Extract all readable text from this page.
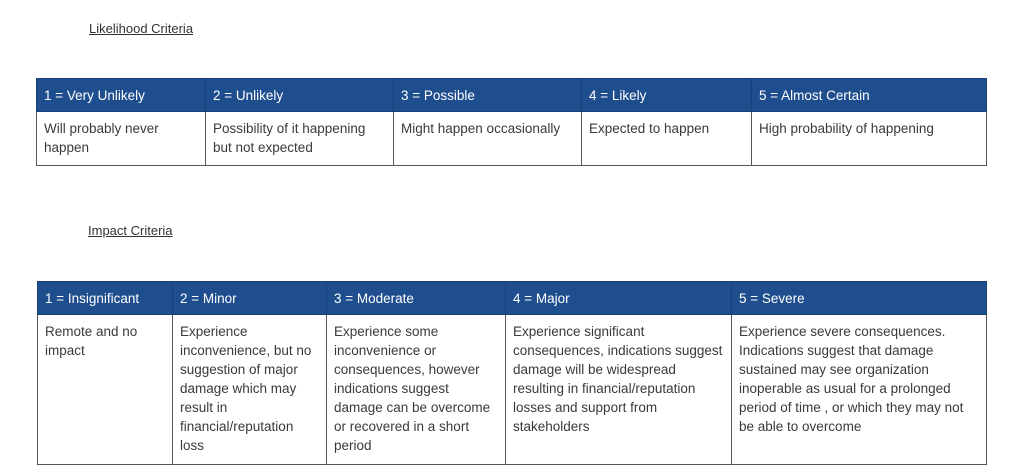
Likelihood Criteria
1 = Very Unlikely	2 = Unlikely	3 = Possible	4 = Likely	5 = Almost Certain
Will probably never happen	Possibility of it happening but not expected	Might happen occasionally	Expected to happen	High probability of happening
Impact Criteria
1 = Insignificant	2 = Minor	3 = Moderate	4 = Major	5 = Severe
Remote and no impact	Experience inconvenience, but no suggestion of major damage which may result in financial/reputation loss	Experience some inconvenience or consequences, however indications suggest damage can be overcome or recovered in a short period	Experience significant consequences, indications suggest damage will be widespread resulting in financial/reputation losses and support from stakeholders	Experience severe consequences. Indications suggest that damage sustained may see organization inoperable as usual for a prolonged period of time , or which they may not be able to overcome
